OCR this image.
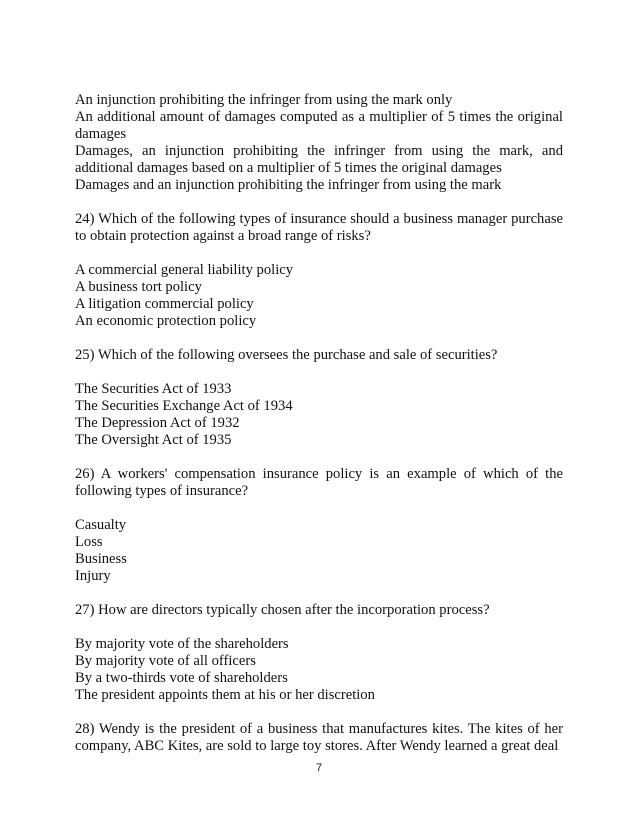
An injunction prohibiting the infringer from using the mark only
An additional amount of damages computed as a multiplier of 5 times the original damages
Damages, an injunction prohibiting the infringer from using the mark, and additional damages based on a multiplier of 5 times the original damages
Damages and an injunction prohibiting the infringer from using the mark
24) Which of the following types of insurance should a business manager purchase to obtain protection against a broad range of risks?
A commercial general liability policy
A business tort policy
A litigation commercial policy
An economic protection policy
25) Which of the following oversees the purchase and sale of securities?
The Securities Act of 1933
The Securities Exchange Act of 1934
The Depression Act of 1932
The Oversight Act of 1935
26) A workers' compensation insurance policy is an example of which of the following types of insurance?
Casualty
Loss
Business
Injury
27) How are directors typically chosen after the incorporation process?
By majority vote of the shareholders
By majority vote of all officers
By a two-thirds vote of shareholders
The president appoints them at his or her discretion
28) Wendy is the president of a business that manufactures kites. The kites of her company, ABC Kites, are sold to large toy stores. After Wendy learned a great deal
7
